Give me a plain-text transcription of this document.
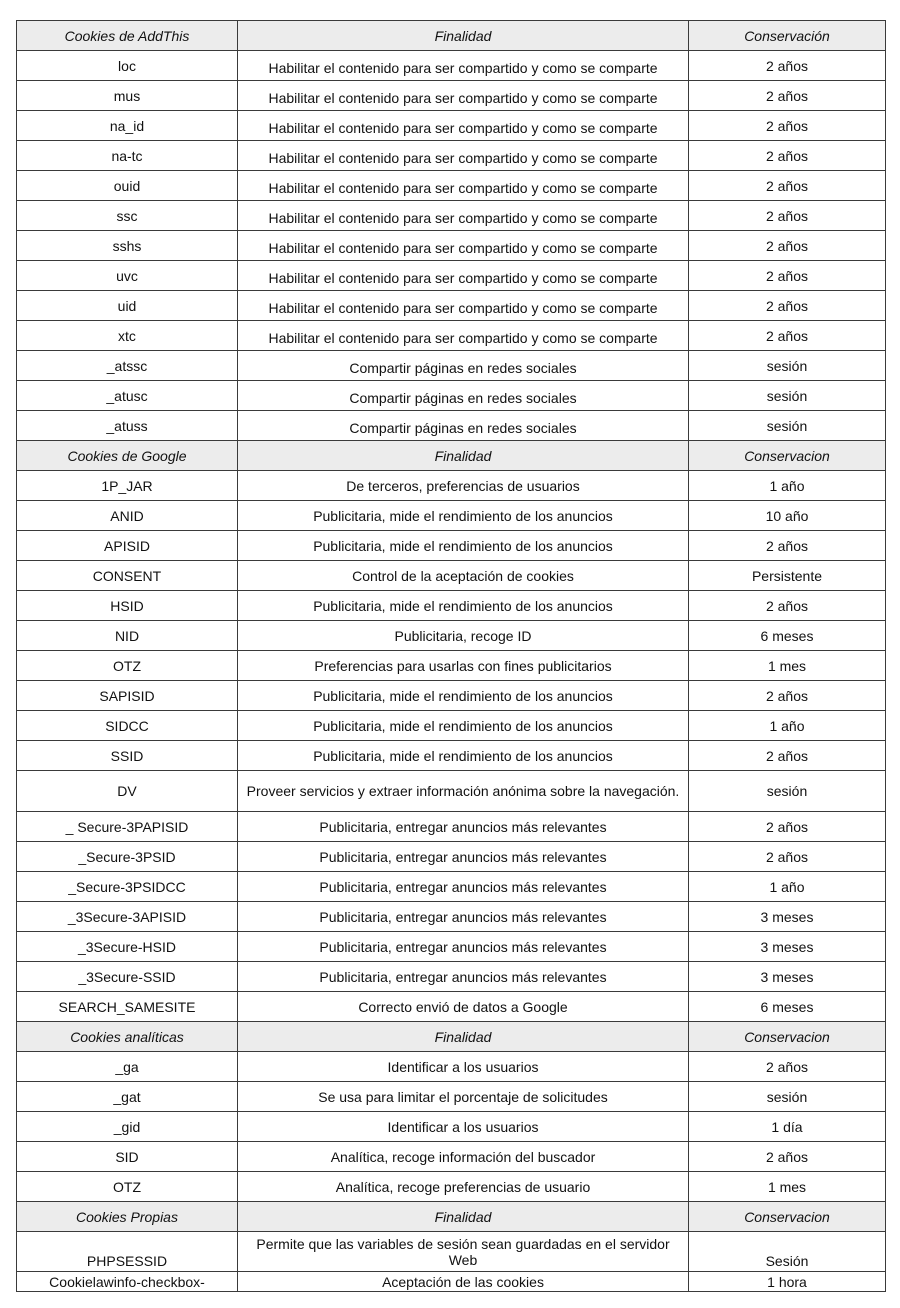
Cookies de AddThis	Finalidad	Conservación
loc	Habilitar el contenido para ser compartido y como se comparte	2 años
mus	Habilitar el contenido para ser compartido y como se comparte	2 años
na_id	Habilitar el contenido para ser compartido y como se comparte	2 años
na-tc	Habilitar el contenido para ser compartido y como se comparte	2 años
ouid	Habilitar el contenido para ser compartido y como se comparte	2 años
ssc	Habilitar el contenido para ser compartido y como se comparte	2 años
sshs	Habilitar el contenido para ser compartido y como se comparte	2 años
uvc	Habilitar el contenido para ser compartido y como se comparte	2 años
uid	Habilitar el contenido para ser compartido y como se comparte	2 años
xtc	Habilitar el contenido para ser compartido y como se comparte	2 años
_atssc	Compartir páginas en redes sociales	sesión
_atusc	Compartir páginas en redes sociales	sesión
_atuss	Compartir páginas en redes sociales	sesión
Cookies de Google	Finalidad	Conservacion
1P_JAR	De terceros, preferencias de usuarios	1 año
ANID	Publicitaria, mide el rendimiento de los anuncios	10 año
APISID	Publicitaria, mide el rendimiento de los anuncios	2 años
CONSENT	Control de la aceptación de cookies	Persistente
HSID	Publicitaria, mide el rendimiento de los anuncios	2 años
NID	Publicitaria, recoge ID	6 meses
OTZ	Preferencias para usarlas con fines publicitarios	1 mes
SAPISID	Publicitaria, mide el rendimiento de los anuncios	2 años
SIDCC	Publicitaria, mide el rendimiento de los anuncios	1 año
SSID	Publicitaria, mide el rendimiento de los anuncios	2 años
DV	Proveer servicios y extraer información anónima sobre la navegación.	sesión
_ Secure-3PAPISID	Publicitaria, entregar anuncios más relevantes	2 años
_Secure-3PSID	Publicitaria, entregar anuncios más relevantes	2 años
_Secure-3PSIDCC	Publicitaria, entregar anuncios más relevantes	1 año
_3Secure-3APISID	Publicitaria, entregar anuncios más relevantes	3 meses
_3Secure-HSID	Publicitaria, entregar anuncios más relevantes	3 meses
_3Secure-SSID	Publicitaria, entregar anuncios más relevantes	3 meses
SEARCH_SAMESITE	Correcto envió de datos a Google	6 meses
Cookies analíticas	Finalidad	Conservacion
_ga	Identificar a los usuarios	2 años
_gat	Se usa para limitar el porcentaje de solicitudes	sesión
_gid	Identificar a los usuarios	1 día
SID	Analítica, recoge información del buscador	2 años
OTZ	Analítica, recoge preferencias de usuario	1 mes
Cookies Propias	Finalidad	Conservacion
PHPSESSID	Permite que las variables de sesión sean guardadas en el servidor Web	Sesión
Cookielawinfo-checkbox-	Aceptación de las cookies	1 hora
